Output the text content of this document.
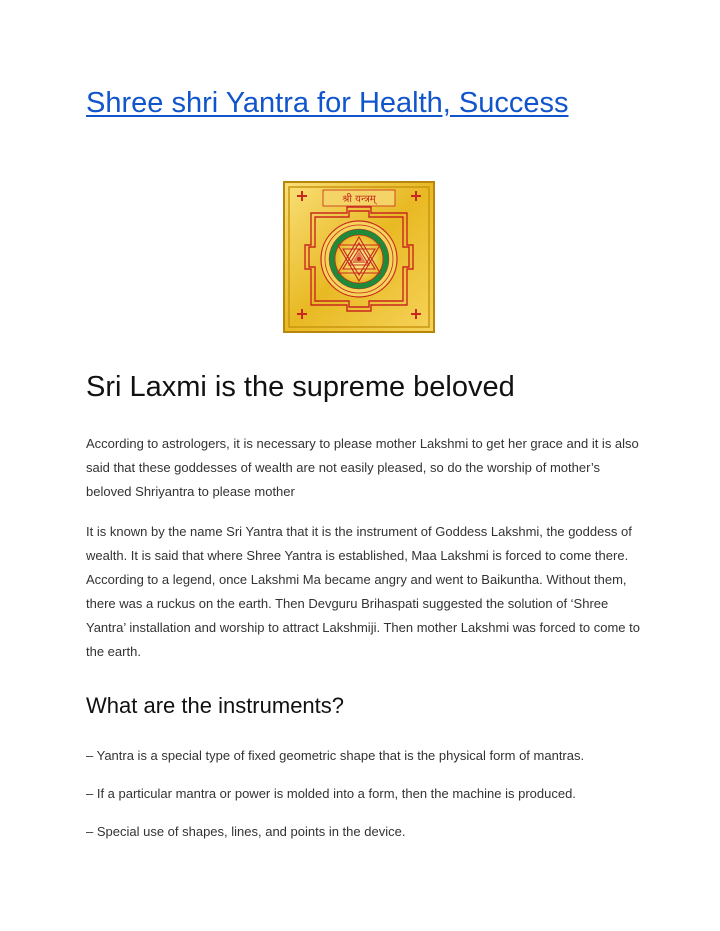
Shree shri Yantra for Health, Success
श्री यन्त्रम्
Sri Laxmi is the supreme beloved

According to astrologers, it is necessary to please mother Lakshmi to get her grace and it is also said that these goddesses of wealth are not easily pleased, so do the worship of mother’s beloved Shriyantra to please mother

It is known by the name Sri Yantra that it is the instrument of Goddess Lakshmi, the goddess of wealth. It is said that where Shree Yantra is established, Maa Lakshmi is forced to come there. According to a legend, once Lakshmi Ma became angry and went to Baikuntha. Without them, there was a ruckus on the earth. Then Devguru Brihaspati suggested the solution of ‘Shree Yantra’ installation and worship to attract Lakshmiji. Then mother Lakshmi was forced to come to the earth.

What are the instruments?

– Yantra is a special type of fixed geometric shape that is the physical form of mantras.

– If a particular mantra or power is molded into a form, then the machine is produced.

– Special use of shapes, lines, and points in the device.
